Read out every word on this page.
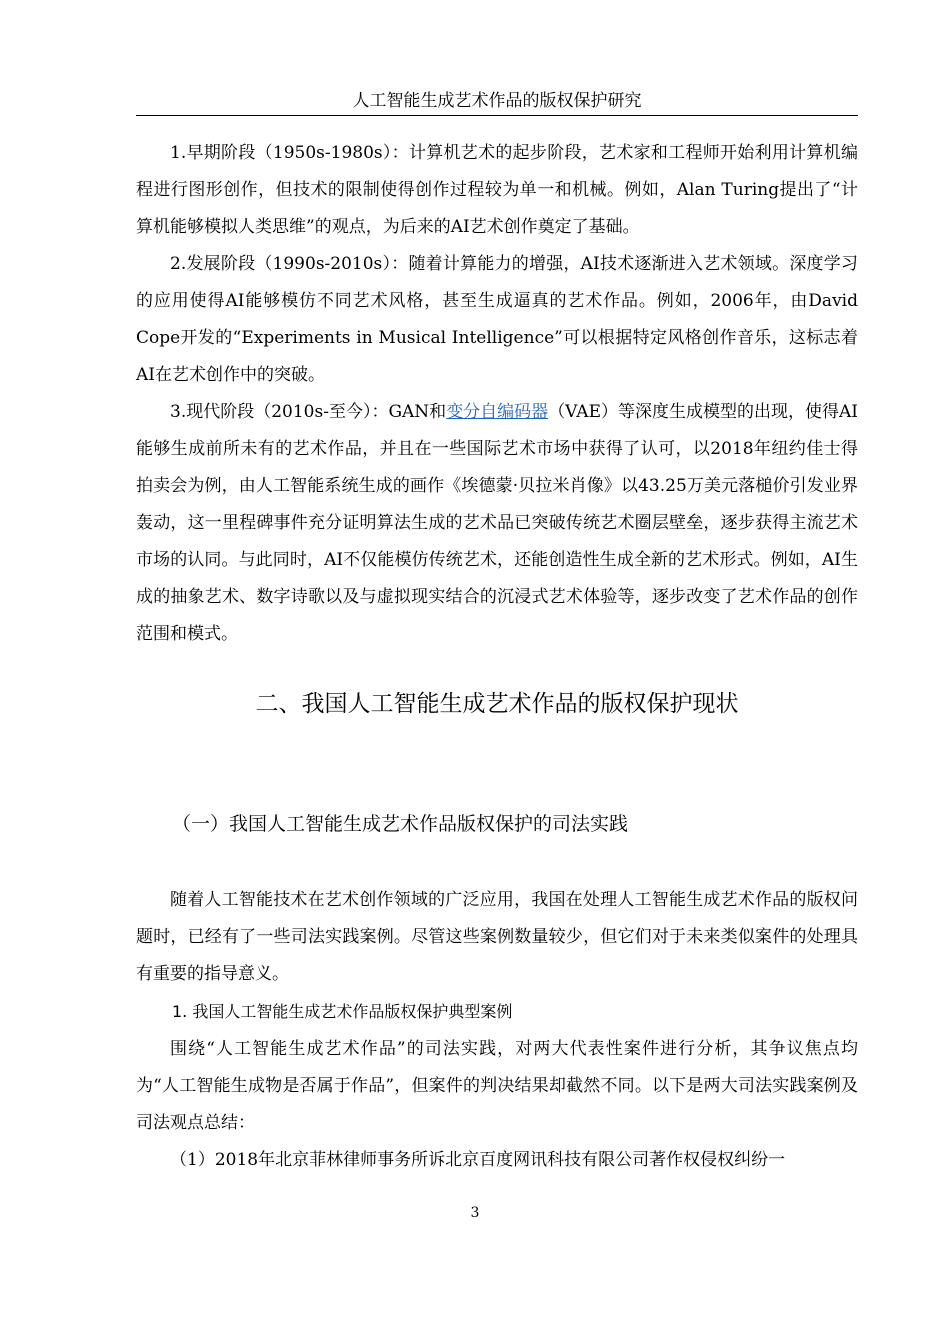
人工智能生成艺术作品的版权保护研究

1.早期阶段（1950s-1980s）：计算机艺术的起步阶段，艺术家和工程师开始利用计算机编程进行图形创作，但技术的限制使得创作过程较为单一和机械。例如，Alan Turing提出了“计算机能够模拟人类思维”的观点，为后来的AI艺术创作奠定了基础。

2.发展阶段（1990s-2010s）：随着计算能力的增强，AI技术逐渐进入艺术领域。深度学习的应用使得AI能够模仿不同艺术风格，甚至生成逼真的艺术作品。例如，2006年，由David Cope开发的“Experiments in Musical Intelligence”可以根据特定风格创作音乐，这标志着AI在艺术创作中的突破。

3.现代阶段（2010s-至今）：GAN和变分自编码器（VAE）等深度生成模型的出现，使得AI能够生成前所未有的艺术作品，并且在一些国际艺术市场中获得了认可，以2018年纽约佳士得拍卖会为例，由人工智能系统生成的画作《埃德蒙·贝拉米肖像》以43.25万美元落槌价引发业界轰动，这一里程碑事件充分证明算法生成的艺术品已突破传统艺术圈层壁垒，逐步获得主流艺术市场的认同。与此同时，AI不仅能模仿传统艺术，还能创造性生成全新的艺术形式。例如，AI生成的抽象艺术、数字诗歌以及与虚拟现实结合的沉浸式艺术体验等，逐步改变了艺术作品的创作范围和模式。

二、我国人工智能生成艺术作品的版权保护现状
（一）我国人工智能生成艺术作品版权保护的司法实践

随着人工智能技术在艺术创作领域的广泛应用，我国在处理人工智能生成艺术作品的版权问题时，已经有了一些司法实践案例。尽管这些案例数量较少，但它们对于未来类似案件的处理具有重要的指导意义。

1. 我国人工智能生成艺术作品版权保护典型案例

围绕“人工智能生成艺术作品”的司法实践，对两大代表性案件进行分析，其争议焦点均为“人工智能生成物是否属于作品”，但案件的判决结果却截然不同。以下是两大司法实践案例及司法观点总结：

（1）2018年北京菲林律师事务所诉北京百度网讯科技有限公司著作权侵权纠纷一

3
